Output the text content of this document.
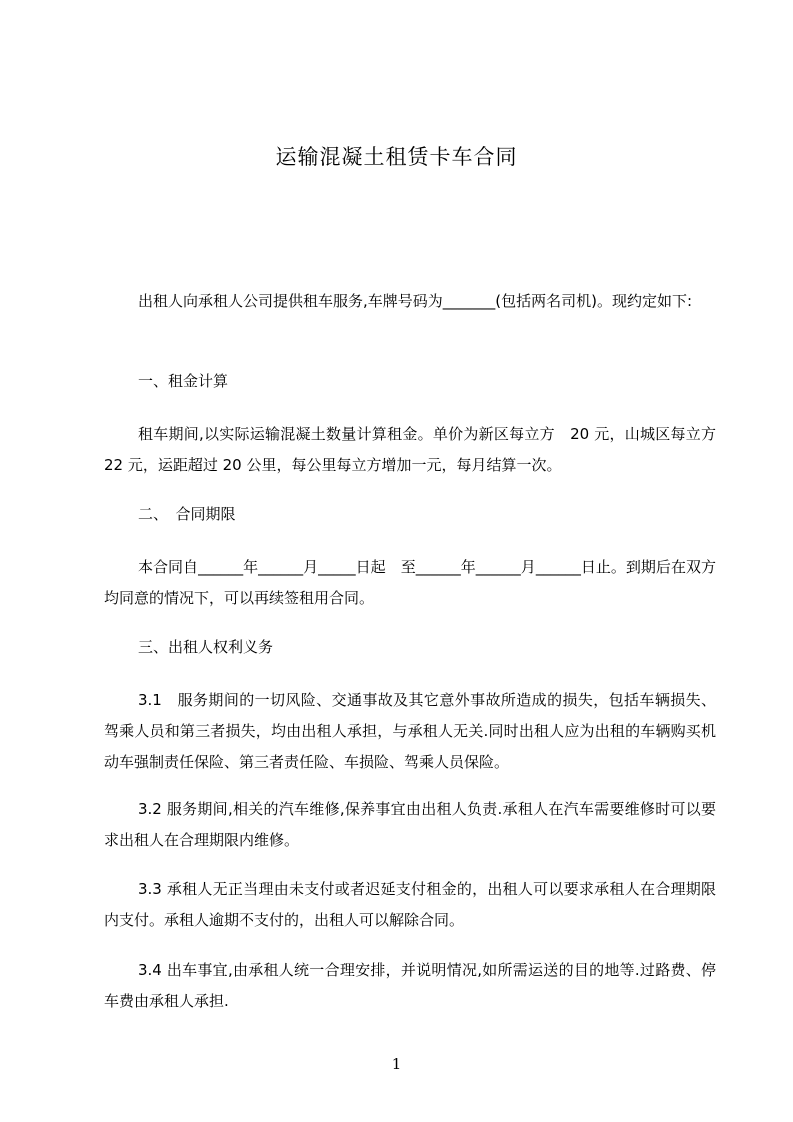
运输混凝土租赁卡车合同

出租人向承租人公司提供租车服务,车牌号码为_______(包括两名司机)。现约定如下:

一、租金计算

租车期间,以实际运输混凝土数量计算租金。单价为新区每立方　20 元，山城区每立方 22 元，运距超过 20 公里，每公里每立方增加一元，每月结算一次。

二、　合同期限

本合同自______年______月_____日起　至______年______月______日止。到期后在双方均同意的情况下，可以再续签租用合同。

三、出租人权利义务

3.1　服务期间的一切风险、交通事故及其它意外事故所造成的损失，包括车辆损失、驾乘人员和第三者损失，均由出租人承担，与承租人无关.同时出租人应为出租的车辆购买机动车强制责任保险、第三者责任险、车损险、驾乘人员保险。

3.2 服务期间,相关的汽车维修,保养事宜由出租人负责.承租人在汽车需要维修时可以要求出租人在合理期限内维修。

3.3 承租人无正当理由未支付或者迟延支付租金的，出租人可以要求承租人在合理期限内支付。承租人逾期不支付的，出租人可以解除合同。

3.4 出车事宜,由承租人统一合理安排，并说明情况,如所需运送的目的地等.过路费、停车费由承租人承担.

1
